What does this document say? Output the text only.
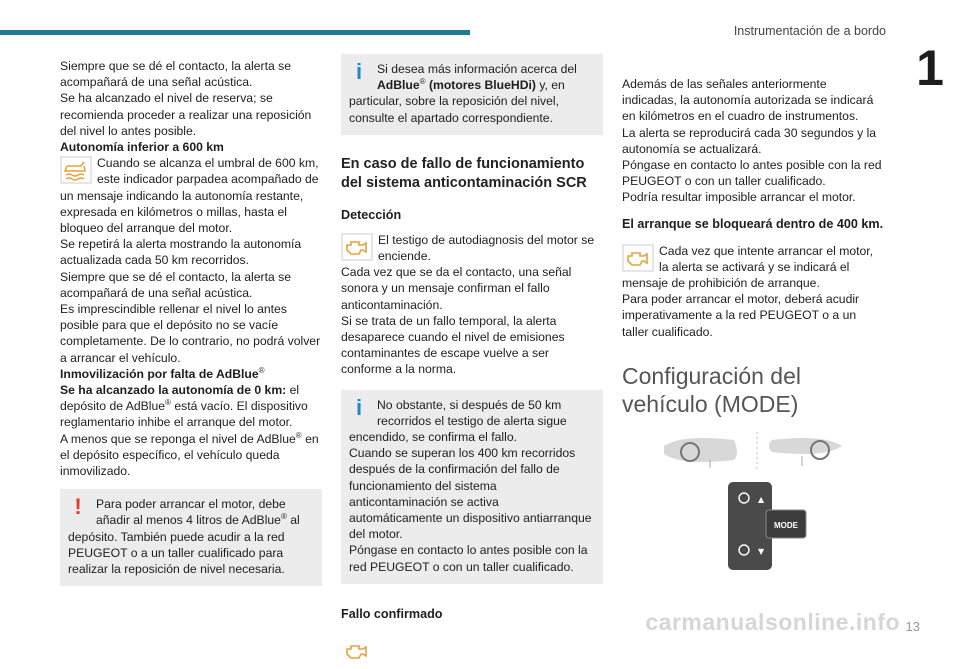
Instrumentación de a bordo
1

Siempre que se dé el contacto, la alerta se acompañará de una señal acústica.

Se ha alcanzado el nivel de reserva; se recomienda proceder a realizar una reposición del nivel lo antes posible.

Autonomía inferior a 600 km

Cuando se alcanza el umbral de 600 km, este indicador parpadea acompañado de un mensaje indicando la autonomía restante, expresada en kilómetros o millas, hasta el bloqueo del arranque del motor.

Se repetirá la alerta mostrando la autonomía actualizada cada 50 km recorridos.

Siempre que se dé el contacto, la alerta se acompañará de una señal acústica.

Es imprescindible rellenar el nivel lo antes posible para que el depósito no se vacíe completamente. De lo contrario, no podrá volver a arrancar el vehículo.

Inmovilización por falta de AdBlue®

Se ha alcanzado la autonomía de 0 km: el depósito de AdBlue® está vacío. El dispositivo reglamentario inhibe el arranque del motor.

A menos que se reponga el nivel de AdBlue® en el depósito específico, el vehículo queda inmovilizado.

!	Para poder arrancar el motor, debe añadir al menos 4 litros de AdBlue® al depósito. También puede acudir a la red PEUGEOT o a un taller cualificado para realizar la reposición de nivel necesaria.

i	Si desea más información acerca del AdBlue® (motores BlueHDi) y, en particular, sobre la reposición del nivel, consulte el apartado correspondiente.

En caso de fallo de funcionamiento del sistema anticontaminación SCR

Detección

El testigo de autodiagnosis del motor se enciende.

Cada vez que se da el contacto, una señal sonora y un mensaje confirman el fallo anticontaminación.

Si se trata de un fallo temporal, la alerta desaparece cuando el nivel de emisiones contaminantes de escape vuelve a ser conforme a la norma.

i	No obstante, si después de 50 km recorridos el testigo de alerta sigue encendido, se confirma el fallo.

Cuando se superan los 400 km recorridos después de la confirmación del fallo de funcionamiento del sistema anticontaminación se activa automáticamente un dispositivo antiarranque del motor.

Póngase en contacto lo antes posible con la red PEUGEOT o con un taller cualificado.

Fallo confirmado

Además de las señales anteriormente indicadas, la autonomía autorizada se indicará en kilómetros en el cuadro de instrumentos.

La alerta se reproducirá cada 30 segundos y la autonomía se actualizará.

Póngase en contacto lo antes posible con la red PEUGEOT o con un taller cualificado.

Podría resultar imposible arrancar el motor.

El arranque se bloqueará dentro de 400 km.

Cada vez que intente arrancar el motor, la alerta se activará y se indicará el mensaje de prohibición de arranque.

Para poder arrancar el motor, deberá acudir imperativamente a la red PEUGEOT o a un taller cualificado.

Configuración del vehículo (MODE)

▲
▼
MODE
carmanualsonline.info 13
